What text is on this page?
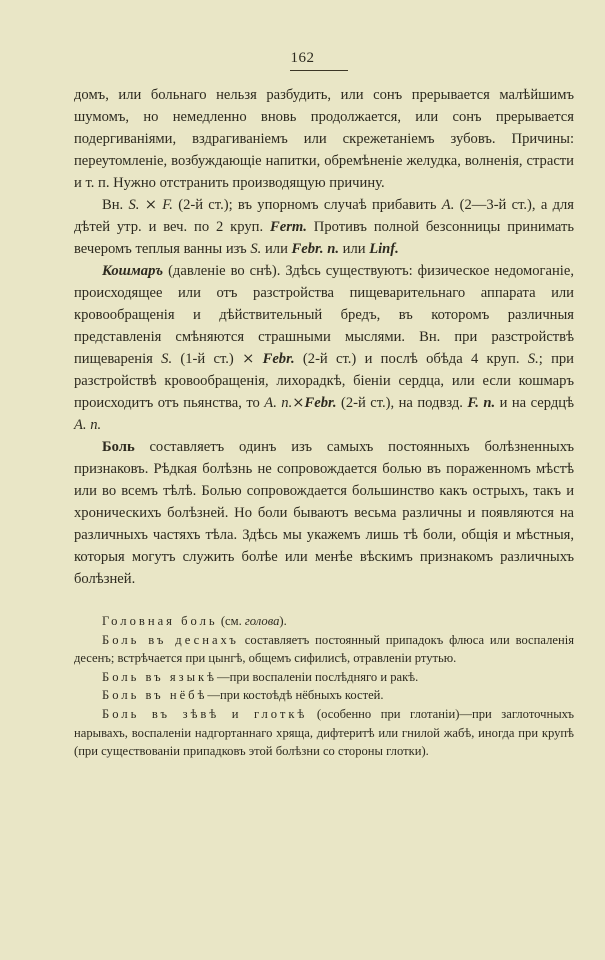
162

домъ, или больнаго нельзя разбудить, или сонъ прерывается малѣйшимъ шумомъ, но немедленно вновь продолжается, или сонъ прерывается подергиваніями, вздрагиваніемъ или скрежетаніемъ зубовъ. Причины: переутомленіе, возбуждающіе напитки, обремѣненіе желудка, волненія, страсти и т. п. Нужно отстранить производящую причину.

Вн. S. ⨯ F. (2-й ст.); въ упорномъ случаѣ прибавить A. (2—3-й ст.), а для дѣтей утр. и веч. по 2 круп. Ferm. Противъ полной безсонницы принимать вечеромъ теплыя ванны изъ S. или Febr. n. или Linf.

Кошмаръ (давленіе во снѣ). Здѣсь существуютъ: физическое недомоганіе, происходящее или отъ разстройства пищеварительнаго аппарата или кровообращенія и дѣйствительный бредъ, въ которомъ различныя представленія смѣняются страшными мыслями. Вн. при разстройствѣ пищеваренія S. (1-й ст.) ⨯ Febr. (2-й ст.) и послѣ обѣда 4 круп. S.; при разстройствѣ кровообращенія, лихорадкѣ, біеніи сердца, или если кошмаръ происходитъ отъ пьянства, то A. n.⨯Febr. (2-й ст.), на подвзд. F. n. и на сердцѣ A. n.

Боль составляетъ одинъ изъ самыхъ постоянныхъ болѣзненныхъ признаковъ. Рѣдкая болѣзнь не сопровождается болью въ пораженномъ мѣстѣ или во всемъ тѣлѣ. Болью сопровождается большинство какъ острыхъ, такъ и хроническихъ болѣзней. Но боли бываютъ весьма различны и появляются на различныхъ частяхъ тѣла. Здѣсь мы укажемъ лишь тѣ боли, общія и мѣстныя, которыя могутъ служить болѣе или менѣе вѣскимъ признакомъ различныхъ болѣзней.

Головная боль (см. голова).

Боль въ деснахъ составляетъ постоянный припадокъ флюса или воспаленія десенъ; встрѣчается при цынгѣ, общемъ сифилисѣ, отравленіи ртутью.

Боль въ языкѣ—при воспаленіи послѣдняго и ракѣ.

Боль въ нёбѣ—при костоѣдѣ нёбныхъ костей.

Боль въ зѣвѣ и глоткѣ (особенно при глотаніи)—при заглоточныхъ нарывахъ, воспаленіи надгортаннаго хряща, дифтеритѣ или гнилой жабѣ, иногда при крупѣ (при существованіи припадковъ этой болѣзни со стороны глотки).
